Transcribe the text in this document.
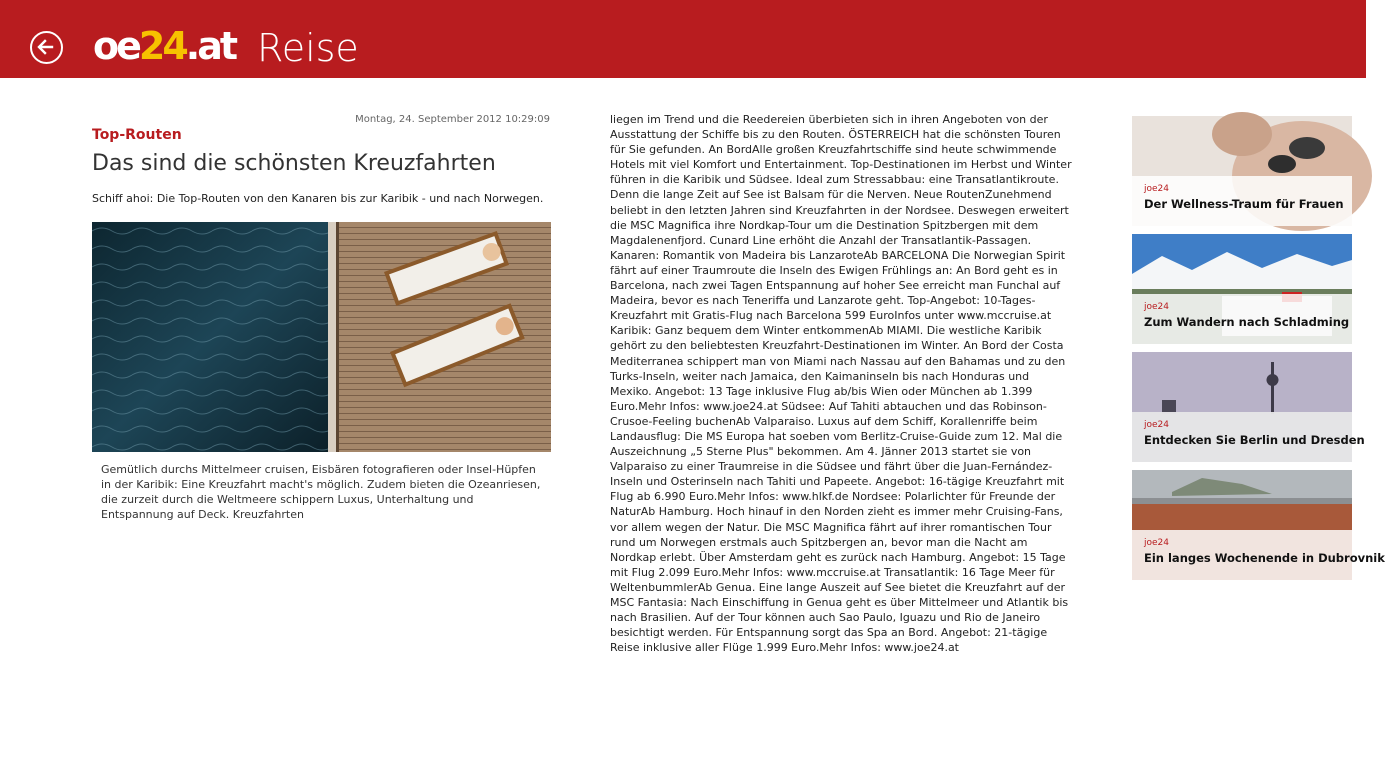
oe24.at Reise
Montag, 24. September 2012 10:29:09
Top-Routen
Das sind die schönsten Kreuzfahrten
Schiff ahoi: Die Top-Routen von den Kanaren bis zur Karibik - und nach Norwegen.
Gemütlich durchs Mittelmeer cruisen, Eisbären fotografieren oder Insel-Hüpfen in der Karibik: Eine Kreuzfahrt macht's möglich. Zudem bieten die Ozeanriesen, die zurzeit durch die Weltmeere schippern Luxus, Unterhaltung und Entspannung auf Deck. Kreuzfahrten

liegen im Trend und die Reedereien überbieten sich in ihren Angeboten von der Ausstattung der Schiffe bis zu den Routen. ÖSTERREICH hat die schönsten Touren für Sie gefunden. An BordAlle großen Kreuzfahrtschiffe sind heute schwimmende Hotels mit viel Komfort und Entertainment. Top-Destinationen im Herbst und Winter führen in die Karibik und Südsee. Ideal zum Stressabbau: eine Transatlantikroute. Denn die lange Zeit auf See ist Balsam für die Nerven. Neue RoutenZunehmend beliebt in den letzten Jahren sind Kreuzfahrten in der Nordsee. Deswegen erweitert die MSC Magnifica ihre Nordkap-Tour um die Destination Spitzbergen mit dem Magdalenenfjord. Cunard Line erhöht die Anzahl der Transatlantik-Passagen. Kanaren: Romantik von Madeira bis LanzaroteAb BARCELONA Die Norwegian Spirit fährt auf einer Traumroute die Inseln des Ewigen Frühlings an: An Bord geht es in Barcelona, nach zwei Tagen Entspannung auf hoher See erreicht man Funchal auf Madeira, bevor es nach Teneriffa und Lanzarote geht. Top-Angebot: 10-Tages-Kreuzfahrt mit Gratis-Flug nach Barcelona 599 EuroInfos unter www.mccruise.at Karibik: Ganz bequem dem Winter entkommenAb MIAMI. Die westliche Karibik gehört zu den beliebtesten Kreuzfahrt-Destinationen im Winter. An Bord der Costa Mediterranea schippert man von Miami nach Nassau auf den Bahamas und zu den Turks-Inseln, weiter nach Jamaica, den Kaimaninseln bis nach Honduras und Mexiko. Angebot: 13 Tage inklusive Flug ab/bis Wien oder München ab 1.399 Euro.Mehr Infos: www.joe24.at Südsee: Auf Tahiti abtauchen und das Robinson-Crusoe-Feeling buchenAb Valparaiso. Luxus auf dem Schiff, Korallenriffe beim Landausflug: Die MS Europa hat soeben vom Berlitz-Cruise-Guide zum 12. Mal die Auszeichnung „5 Sterne Plus" bekommen. Am 4. Jänner 2013 startet sie von Valparaiso zu einer Traumreise in die Südsee und fährt über die Juan-Fernández-Inseln und Osterinseln nach Tahiti und Papeete. Angebot: 16-tägige Kreuzfahrt mit Flug ab 6.990 Euro.Mehr Infos: www.hlkf.de Nordsee: Polarlichter für Freunde der NaturAb Hamburg. Hoch hinauf in den Norden zieht es immer mehr Cruising-Fans, vor allem wegen der Natur. Die MSC Magnifica fährt auf ihrer romantischen Tour rund um Norwegen erstmals auch Spitzbergen an, bevor man die Nacht am Nordkap erlebt. Über Amsterdam geht es zurück nach Hamburg. Angebot: 15 Tage mit Flug 2.099 Euro.Mehr Infos: www.mccruise.at Transatlantik: 16 Tage Meer für WeltenbummlerAb Genua. Eine lange Auszeit auf See bietet die Kreuzfahrt auf der MSC Fantasia: Nach Einschiffung in Genua geht es über Mittelmeer und Atlantik bis nach Brasilien. Auf der Tour können auch Sao Paulo, Iguazu und Rio de Janeiro besichtigt werden. Für Entspannung sorgt das Spa an Bord. Angebot: 21-tägige Reise inklusive aller Flüge 1.999 Euro.Mehr Infos: www.joe24.at

joe24
Der Wellness-Traum für Frauen
joe24
Zum Wandern nach Schladming
joe24
Entdecken Sie Berlin und Dresden
joe24
Ein langes Wochenende in Dubrovnik
